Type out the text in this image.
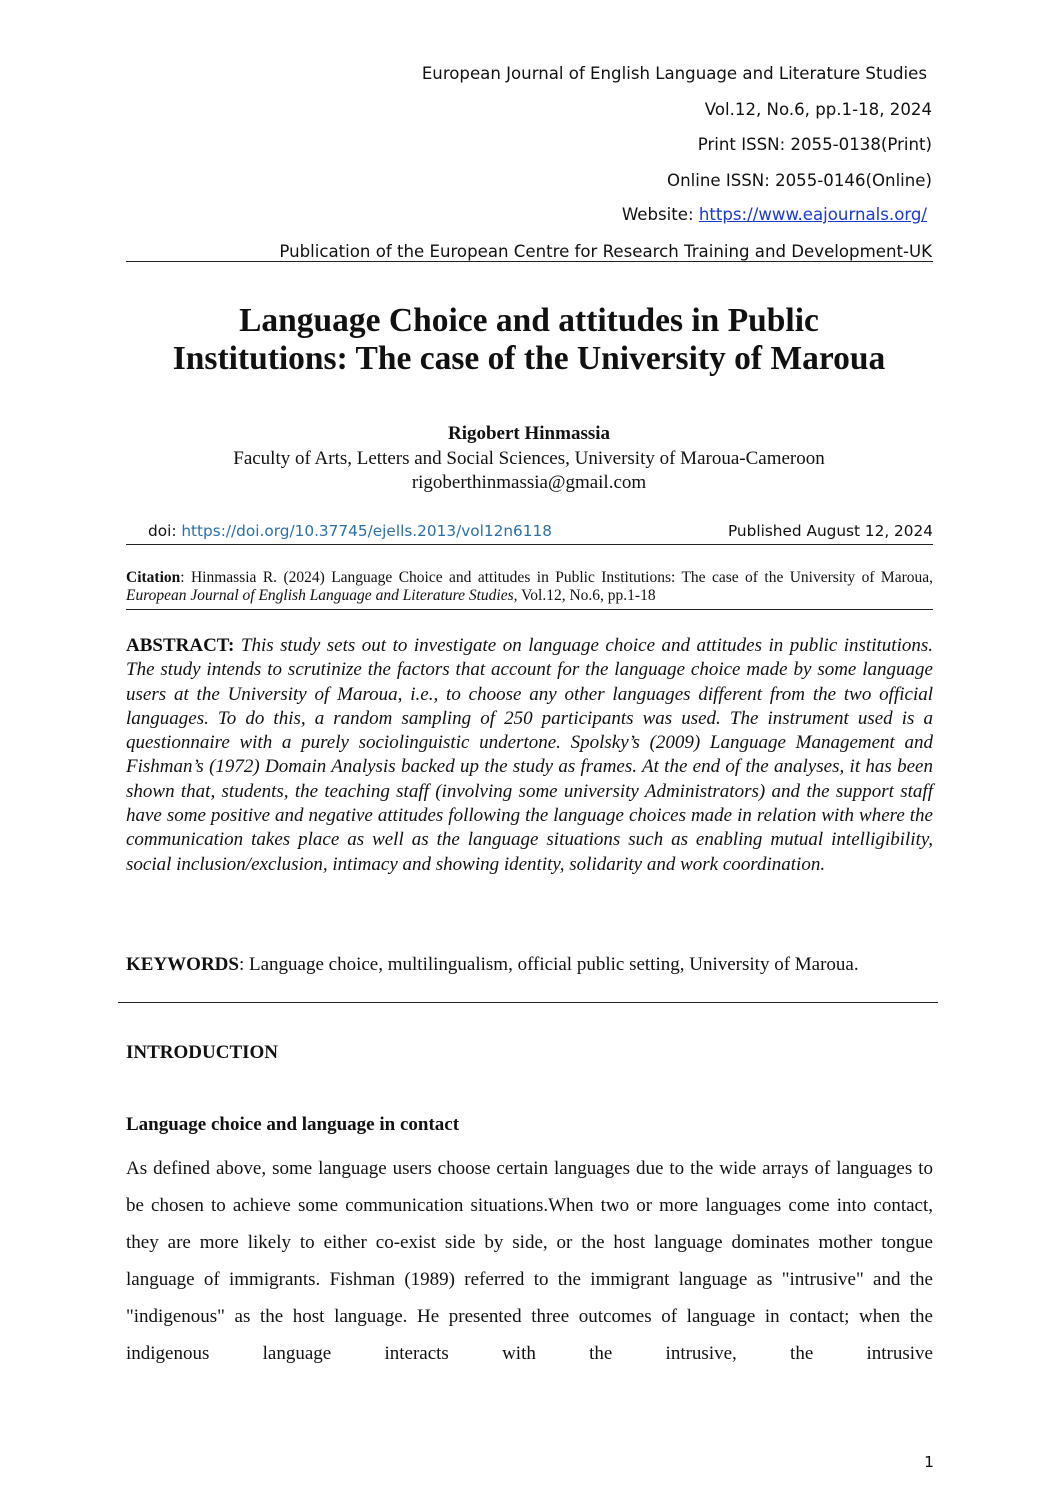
European Journal of English Language and Literature Studies
Vol.12, No.6, pp.1-18, 2024
Print ISSN: 2055-0138(Print)
Online ISSN: 2055-0146(Online)
Website: https://www.eajournals.org/
Publication of the European Centre for Research Training and Development-UK
Language Choice and attitudes in Public
Institutions: The case of the University of Maroua
Rigobert Hinmassia
Faculty of Arts, Letters and Social Sciences, University of Maroua-Cameroon
rigoberthinmassia@gmail.com
doi: https://doi.org/10.37745/ejells.2013/vol12n6118	Published August 12, 2024
Citation: Hinmassia R. (2024) Language Choice and attitudes in Public Institutions: The case of the University of Maroua, European Journal of English Language and Literature Studies, Vol.12, No.6, pp.1-18
ABSTRACT: This study sets out to investigate on language choice and attitudes in public institutions. The study intends to scrutinize the factors that account for the language choice made by some language users at the University of Maroua, i.e., to choose any other languages different from the two official languages. To do this, a random sampling of 250 participants was used. The instrument used is a questionnaire with a purely sociolinguistic undertone. Spolsky’s (2009) Language Management and Fishman’s (1972) Domain Analysis backed up the study as frames. At the end of the analyses, it has been shown that, students, the teaching staff (involving some university Administrators) and the support staff have some positive and negative attitudes following the language choices made in relation with where the communication takes place as well as the language situations such as enabling mutual intelligibility, social inclusion/exclusion, intimacy and showing identity, solidarity and work coordination.
KEYWORDS: Language choice, multilingualism, official public setting, University of Maroua.
INTRODUCTION
Language choice and language in contact
As defined above, some language users choose certain languages due to the wide arrays of languages to be chosen to achieve some communication situations.When two or more languages come into contact, they are more likely to either co-exist side by side, or the host language dominates mother tongue language of immigrants. Fishman (1989) referred to the immigrant language as "intrusive" and the "indigenous" as the host language. He presented three outcomes of language in contact; when the indigenous language interacts with the intrusive, the intrusive
1
